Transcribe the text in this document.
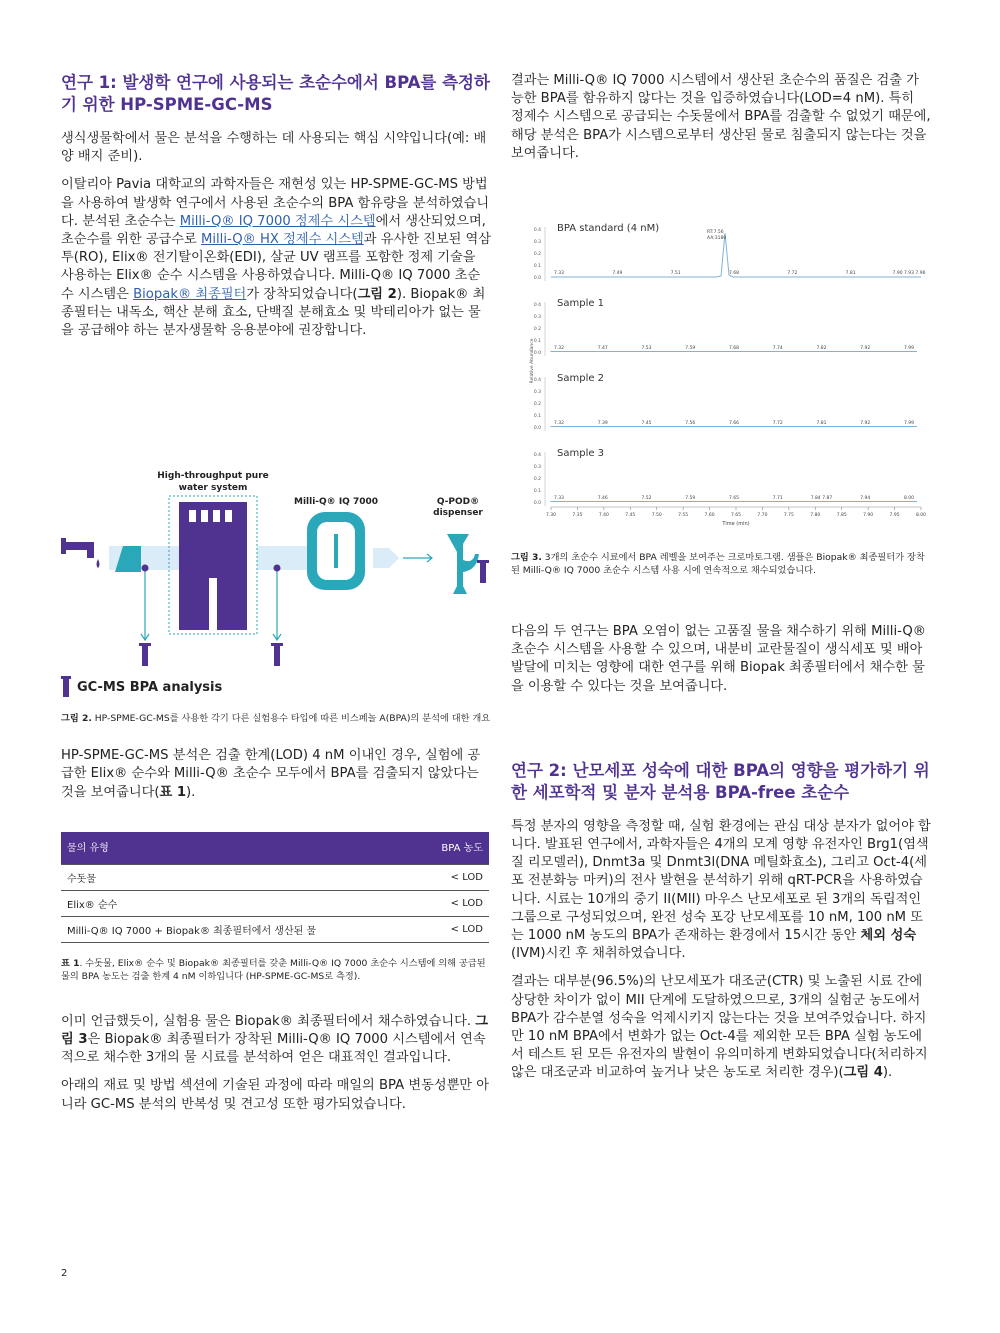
연구 1: 발생학 연구에 사용되는 초순수에서 BPA를 측정하기 위한 HP-SPME-GC-MS

생식생물학에서 물은 분석을 수행하는 데 사용되는 핵심 시약입니다(예: 배양 배지 준비).

이탈리아 Pavia 대학교의 과학자들은 재현성 있는 HP-SPME-GC-MS 방법을 사용하여 발생학 연구에서 사용된 초순수의 BPA 함유량을 분석하였습니다. 분석된 초순수는 Milli-Q® IQ 7000 정제수 시스템에서 생산되었으며, 초순수를 위한 공급수로 Milli-Q® HX 정제수 시스템과 유사한 진보된 역삼투(RO), Elix® 전기탈이온화(EDI), 살균 UV 램프를 포함한 정제 기술을 사용하는 Elix® 순수 시스템을 사용하였습니다. Milli-Q® IQ 7000 초순수 시스템은 Biopak® 최종필터가 장착되었습니다(그림 2). Biopak® 최종필터는 내독소, 핵산 분해 효소, 단백질 분해효소 및 박테리아가 없는 물을 공급해야 하는 분자생물학 응용분야에 권장합니다.

High-throughput pure
water system
Milli-Q® IQ 7000	Q-POD®
dispenser
GC-MS BPA analysis

그림 2. HP-SPME-GC-MS를 사용한 각기 다른 실험용수 타입에 따른 비스페놀 A(BPA)의 분석에 대한 개요

HP-SPME-GC-MS 분석은 검출 한계(LOD) 4 nM 이내인 경우, 실험에 공급한 Elix® 순수와 Milli-Q® 초순수 모두에서 BPA를 검출되지 않았다는 것을 보여줍니다(표 1).

물의 유형	BPA 농도
수돗물	< LOD
Elix® 순수	< LOD
Milli-Q® IQ 7000 + Biopak® 최종필터에서 생산된 물	< LOD

표 1. 수돗물, Elix® 순수 및 Biopak® 최종필터를 갖춘 Milli-Q® IQ 7000 초순수 시스템에 의해 공급된 물의 BPA 농도는 검출 한계 4 nM 이하입니다 (HP-SPME-GC-MS로 측정).

이미 언급했듯이, 실험용 물은 Biopak® 최종필터에서 채수하였습니다. 그림 3은 Biopak® 최종필터가 장착된 Milli-Q® IQ 7000 시스템에서 연속적으로 채수한 3개의 물 시료를 분석하여 얻은 대표적인 결과입니다.

아래의 재료 및 방법 섹션에 기술된 과정에 따라 매일의 BPA 변동성뿐만 아니라 GC-MS 분석의 반복성 및 견고성 또한 평가되었습니다.

결과는 Milli-Q® IQ 7000 시스템에서 생산된 초순수의 품질은 검출 가능한 BPA를 함유하지 않다는 것을 입증하였습니다(LOD=4 nM). 특히 정제수 시스템으로 공급되는 수돗물에서 BPA를 검출할 수 없었기 때문에, 해당 분석은 BPA가 시스템으로부터 생산된 물로 침출되지 않는다는 것을 보여줍니다.

0.4
0.3
0.2
0.1
0.0
BPA standard (4 nM)
7.33	7.49	7.51	7.68	7.72	7.81	7.90 7.93 7.96
RT:7.56
AA:3189
0.4
0.3
0.2
0.1
0.0
Sample 1
7.32	7.47	7.53	7.59	7.68	7.74	7.82	7.92	7.99
0.4
0.3
0.2
0.1
0.0
Sample 2
7.32	7.39	7.45	7.56	7.66	7.72	7.81	7.92	7.99
0.4
0.3
0.2
0.1
0.0
Sample 3
7.33	7.46	7.52	7.59	7.65	7.71	7.84 7.87	7.94	8.00
Relative Abundance
7.30	7.35	7.40	7.45	7.50	7.55	7.60	7.65	7.70	7.75	7.80	7.85	7.90	7.95	8.00
Time (min)

그림 3. 3개의 초순수 시료에서 BPA 레벨을 보여주는 크로마토그램. 샘플은 Biopak® 최종필터가 장착된 Milli-Q® IQ 7000 초순수 시스템 사용 시에 연속적으로 채수되었습니다.

다음의 두 연구는 BPA 오염이 없는 고품질 물을 채수하기 위해 Milli-Q® 초순수 시스템을 사용할 수 있으며, 내분비 교란물질이 생식세포 및 배아 발달에 미치는 영향에 대한 연구를 위해 Biopak 최종필터에서 채수한 물을 이용할 수 있다는 것을 보여줍니다.

연구 2: 난모세포 성숙에 대한 BPA의 영향을 평가하기 위한 세포학적 및 분자 분석용 BPA-free 초순수

특정 분자의 영향을 측정할 때, 실험 환경에는 관심 대상 분자가 없어야 합니다. 발표된 연구에서, 과학자들은 4개의 모계 영향 유전자인 Brg1(염색질 리모델러), Dnmt3a 및 Dnmt3l(DNA 메틸화효소), 그리고 Oct-4(세포 전분화능 마커)의 전사 발현을 분석하기 위해 qRT-PCR을 사용하였습니다. 시료는 10개의 중기 II(MII) 마우스 난모세포로 된 3개의 독립적인 그룹으로 구성되었으며, 완전 성숙 포강 난모세포를 10 nM, 100 nM 또는 1000 nM 농도의 BPA가 존재하는 환경에서 15시간 동안 체외 성숙(IVM)시킨 후 채취하였습니다.

결과는 대부분(96.5%)의 난모세포가 대조군(CTR) 및 노출된 시료 간에 상당한 차이가 없이 MII 단계에 도달하였으므로, 3개의 실험군 농도에서 BPA가 감수분열 성숙을 억제시키지 않는다는 것을 보여주었습니다. 하지만 10 nM BPA에서 변화가 없는 Oct-4를 제외한 모든 BPA 실험 농도에서 테스트 된 모든 유전자의 발현이 유의미하게 변화되었습니다(처리하지 않은 대조군과 비교하여 높거나 낮은 농도로 처리한 경우)(그림 4).

2
